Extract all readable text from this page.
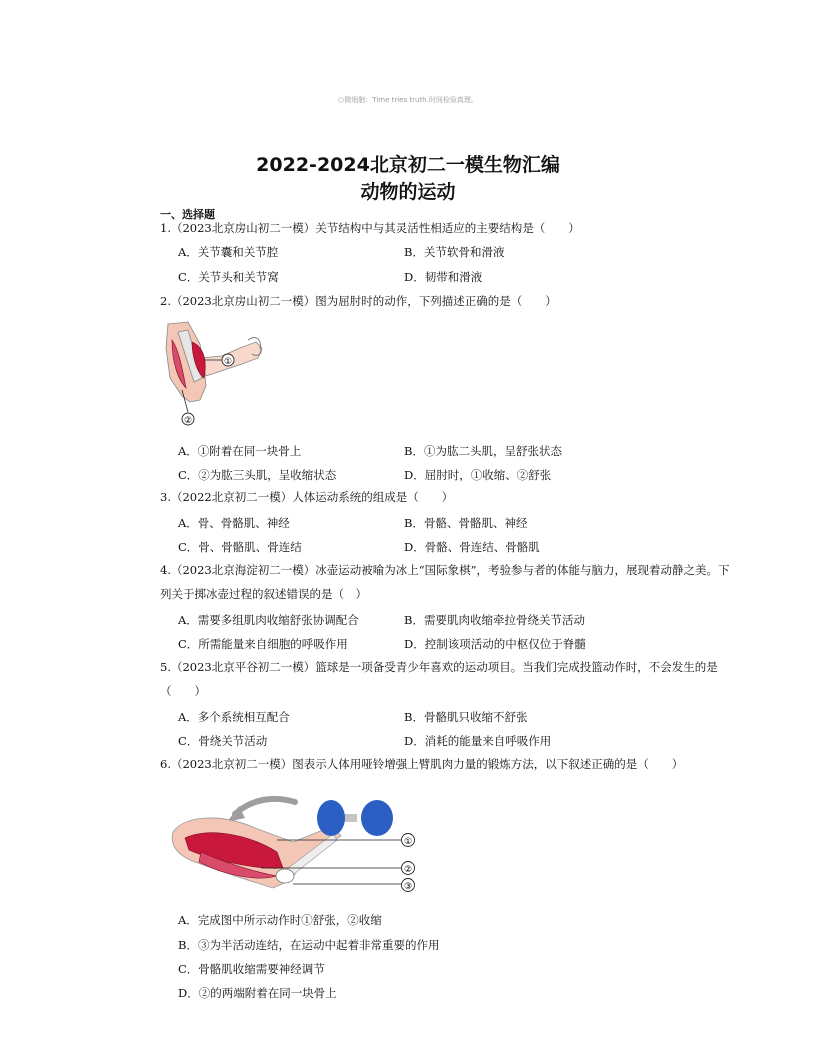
○微细胞：Time tries truth.时间检验真理。
2022-2024北京初二一模生物汇编
动物的运动
一、选择题
1.（2023北京房山初二一模）关节结构中与其灵活性相适应的主要结构是（　　）
A．关节囊和关节腔	B．关节软骨和滑液
C．关节头和关节窝	D．韧带和滑液
2.（2023北京房山初二一模）图为屈肘时的动作，下列描述正确的是（　　）
①
②
A．①附着在同一块骨上	B．①为肱二头肌，呈舒张状态
C．②为肱三头肌，呈收缩状态	D．屈肘时，①收缩、②舒张
3.（2022北京初二一模）人体运动系统的组成是（　　）
A．骨、骨骼肌、神经	B．骨骼、骨骼肌、神经
C．骨、骨骼肌、骨连结	D．骨骼、骨连结、骨骼肌
4.（2023北京海淀初二一模）冰壶运动被喻为冰上“国际象棋”，考验参与者的体能与脑力，展现着动静之美。下列关于掷冰壶过程的叙述错误的是（　）
A．需要多组肌肉收缩舒张协调配合	B．需要肌肉收缩牵拉骨绕关节活动
C．所需能量来自细胞的呼吸作用	D．控制该项活动的中枢仅位于脊髓
5.（2023北京平谷初二一模）篮球是一项备受青少年喜欢的运动项目。当我们完成投篮动作时，不会发生的是（　　）
A．多个系统相互配合	B．骨骼肌只收缩不舒张
C．骨绕关节活动	D．消耗的能量来自呼吸作用
6.（2023北京初二一模）图表示人体用哑铃增强上臂肌肉力量的锻炼方法，以下叙述正确的是（　　）
①
②
③
A．完成图中所示动作时①舒张，②收缩
B．③为半活动连结，在运动中起着非常重要的作用
C．骨骼肌收缩需要神经调节
D．②的两端附着在同一块骨上
